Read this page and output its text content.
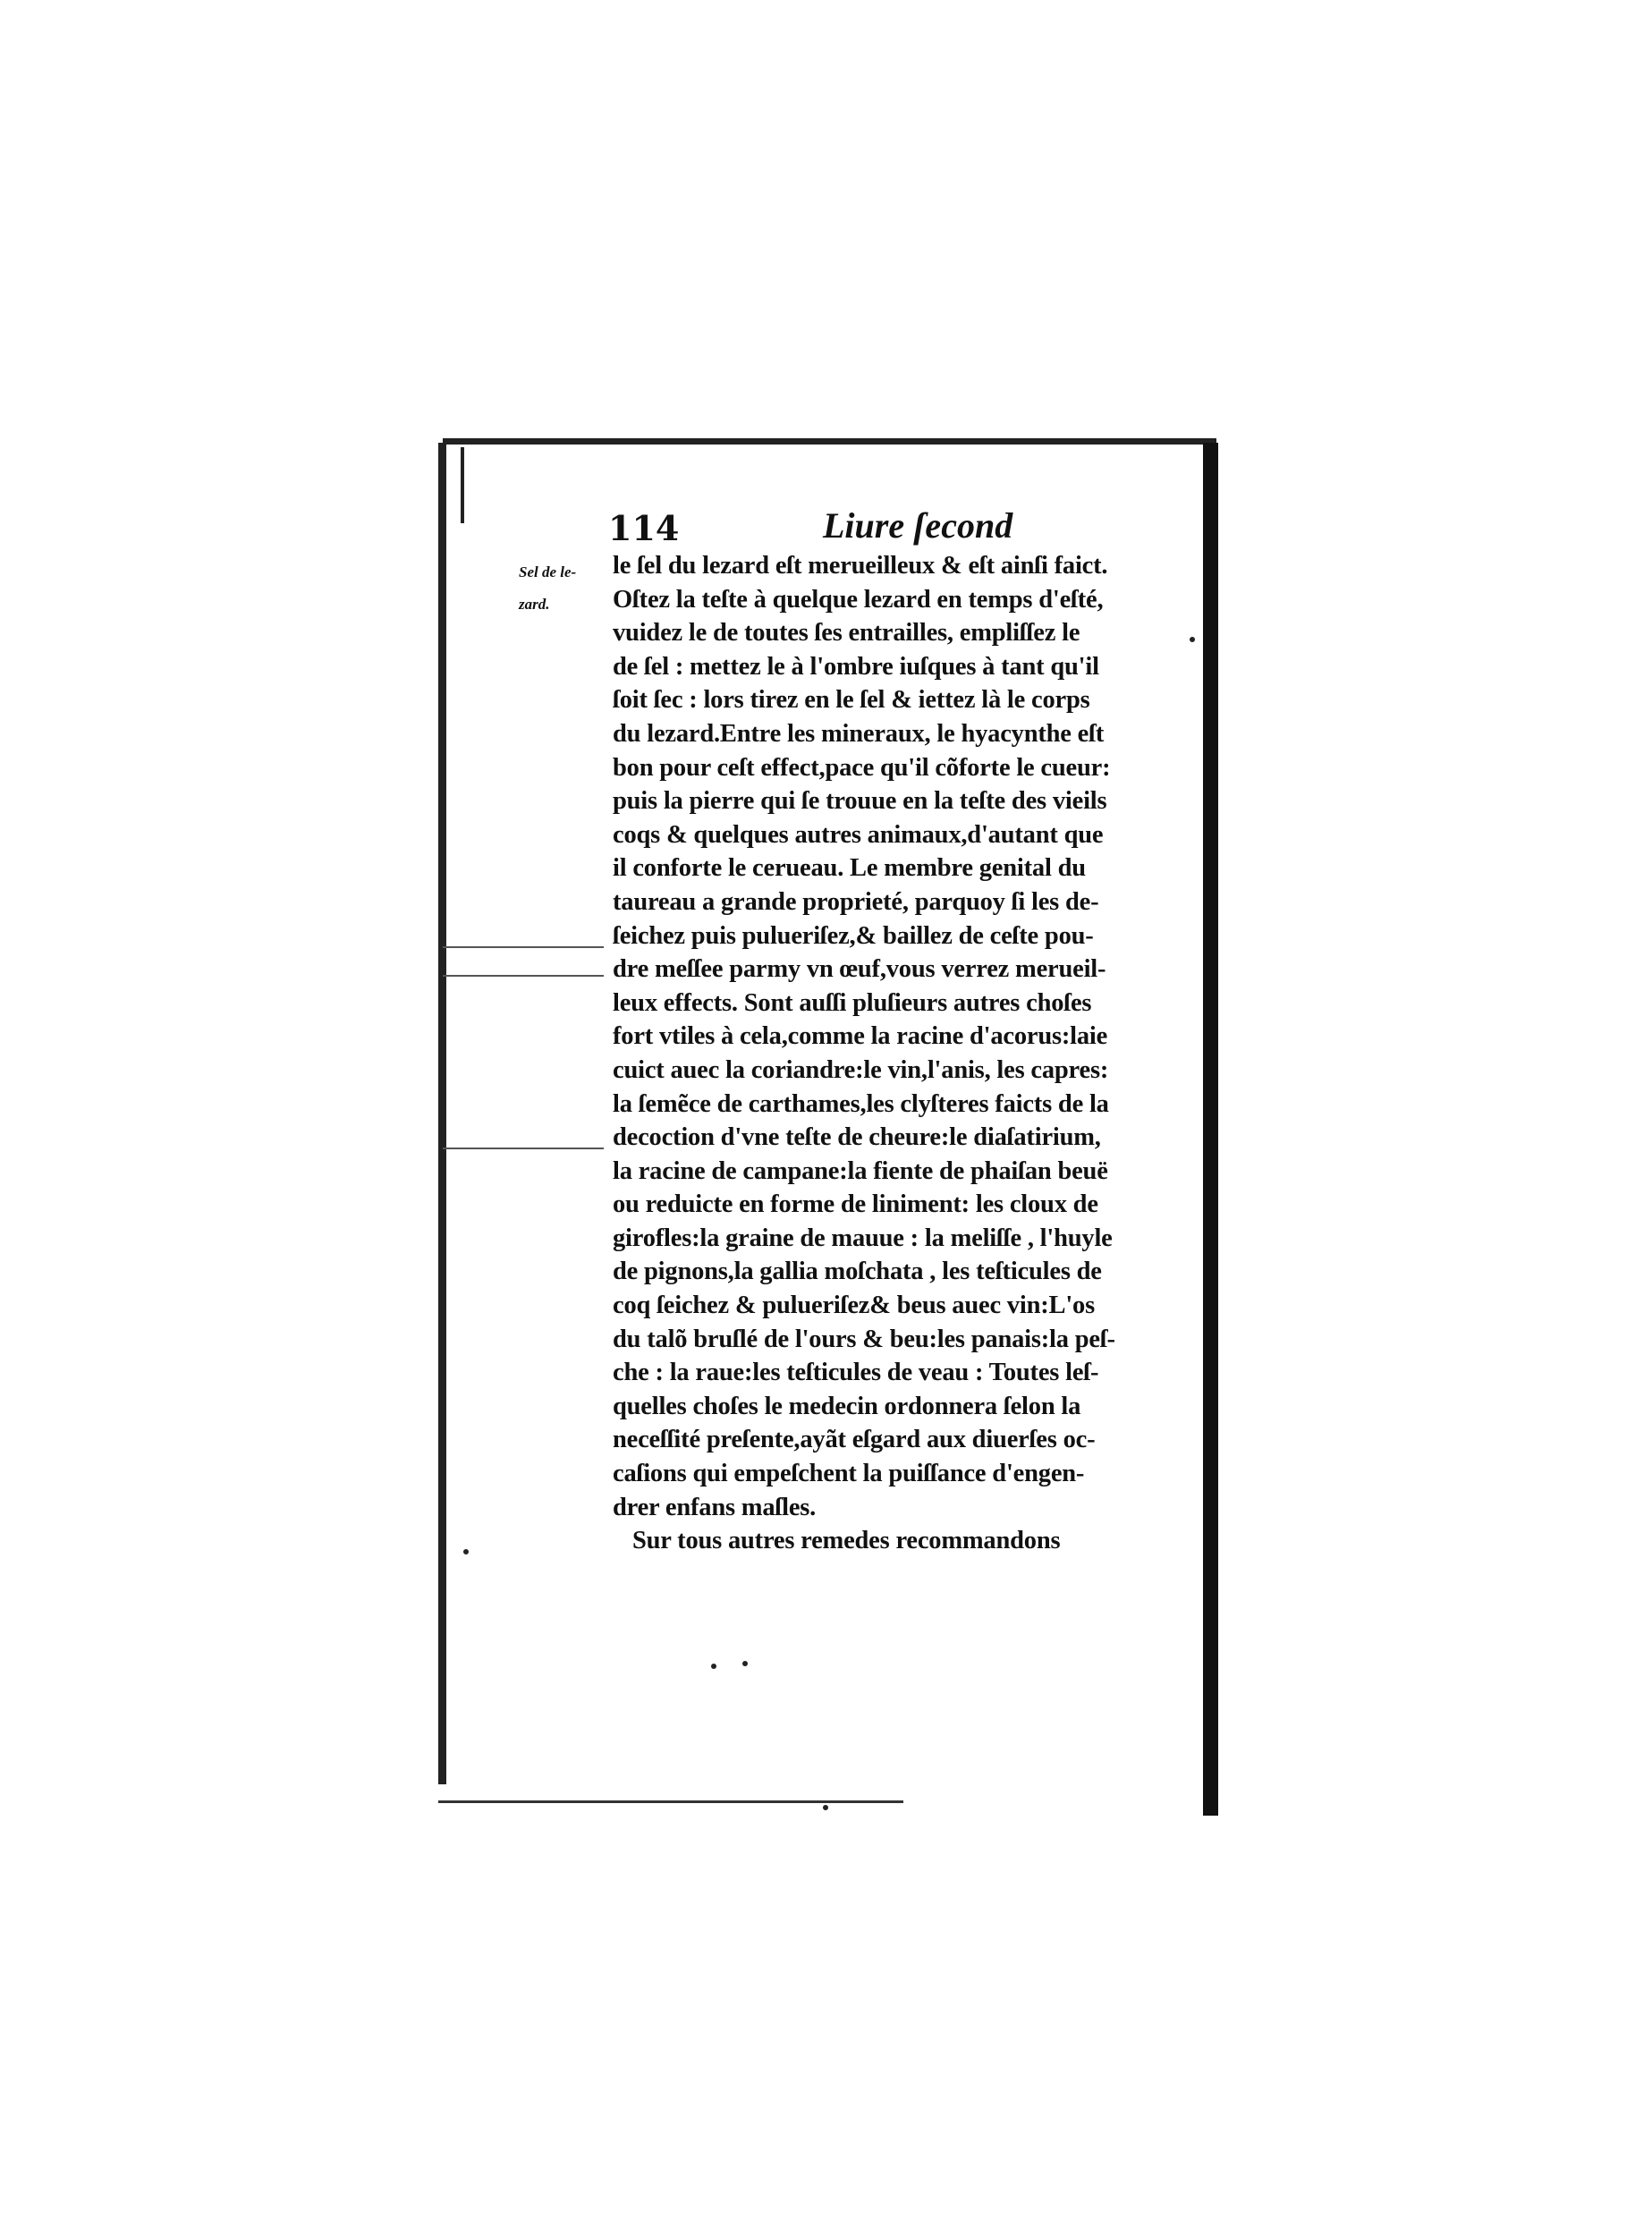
114	Liure ſecond
Sel de le-
zard.
le ſel du lezard eſt merueilleux & eſt ainſi faict.
Oſtez la teſte à quelque lezard en temps d'eſté,
vuidez le de toutes ſes entrailles, empliſſez le
de ſel : mettez le à l'ombre iuſques à tant qu'il
ſoit ſec : lors tirez en le ſel & iettez là le corps
du lezard.Entre les mineraux, le hyacynthe eſt
bon pour ceſt effect,pace qu'il cõforte le cueur:
puis la pierre qui ſe trouue en la teſte des vieils
coqs & quelques autres animaux,d'autant que
il conforte le cerueau. Le membre genital du
taureau a grande proprieté, parquoy ſi les de-
ſeichez puis pulueriſez,& baillez de ceſte pou-
dre meſſee parmy vn œuf,vous verrez merueil-
leux effects. Sont auſſi pluſieurs autres choſes
fort vtiles à cela,comme la racine d'acorus:laie
cuict auec la coriandre:le vin,l'anis, les capres:
la ſemẽce de carthames,les clyſteres faicts de la
decoction d'vne teſte de cheure:le diaſatirium,
la racine de campane:la fiente de phaiſan beuë
ou reduicte en forme de liniment: les cloux de
girofles:la graine de mauue : la meliſſe , l'huyle
de pignons,la gallia moſchata , les teſticules de
coq ſeichez & pulueriſez& beus auec vin:L'os
du talõ bruſlé de l'ours & beu:les panais:la peſ-
che : la raue:les teſticules de veau : Toutes leſ-
quelles choſes le medecin ordonnera ſelon la
neceſſité preſente,ayãt eſgard aux diuerſes oc-
caſions qui empeſchent la puiſſance d'engen-
drer enfans maſles.
Sur tous autres remedes recommandons
